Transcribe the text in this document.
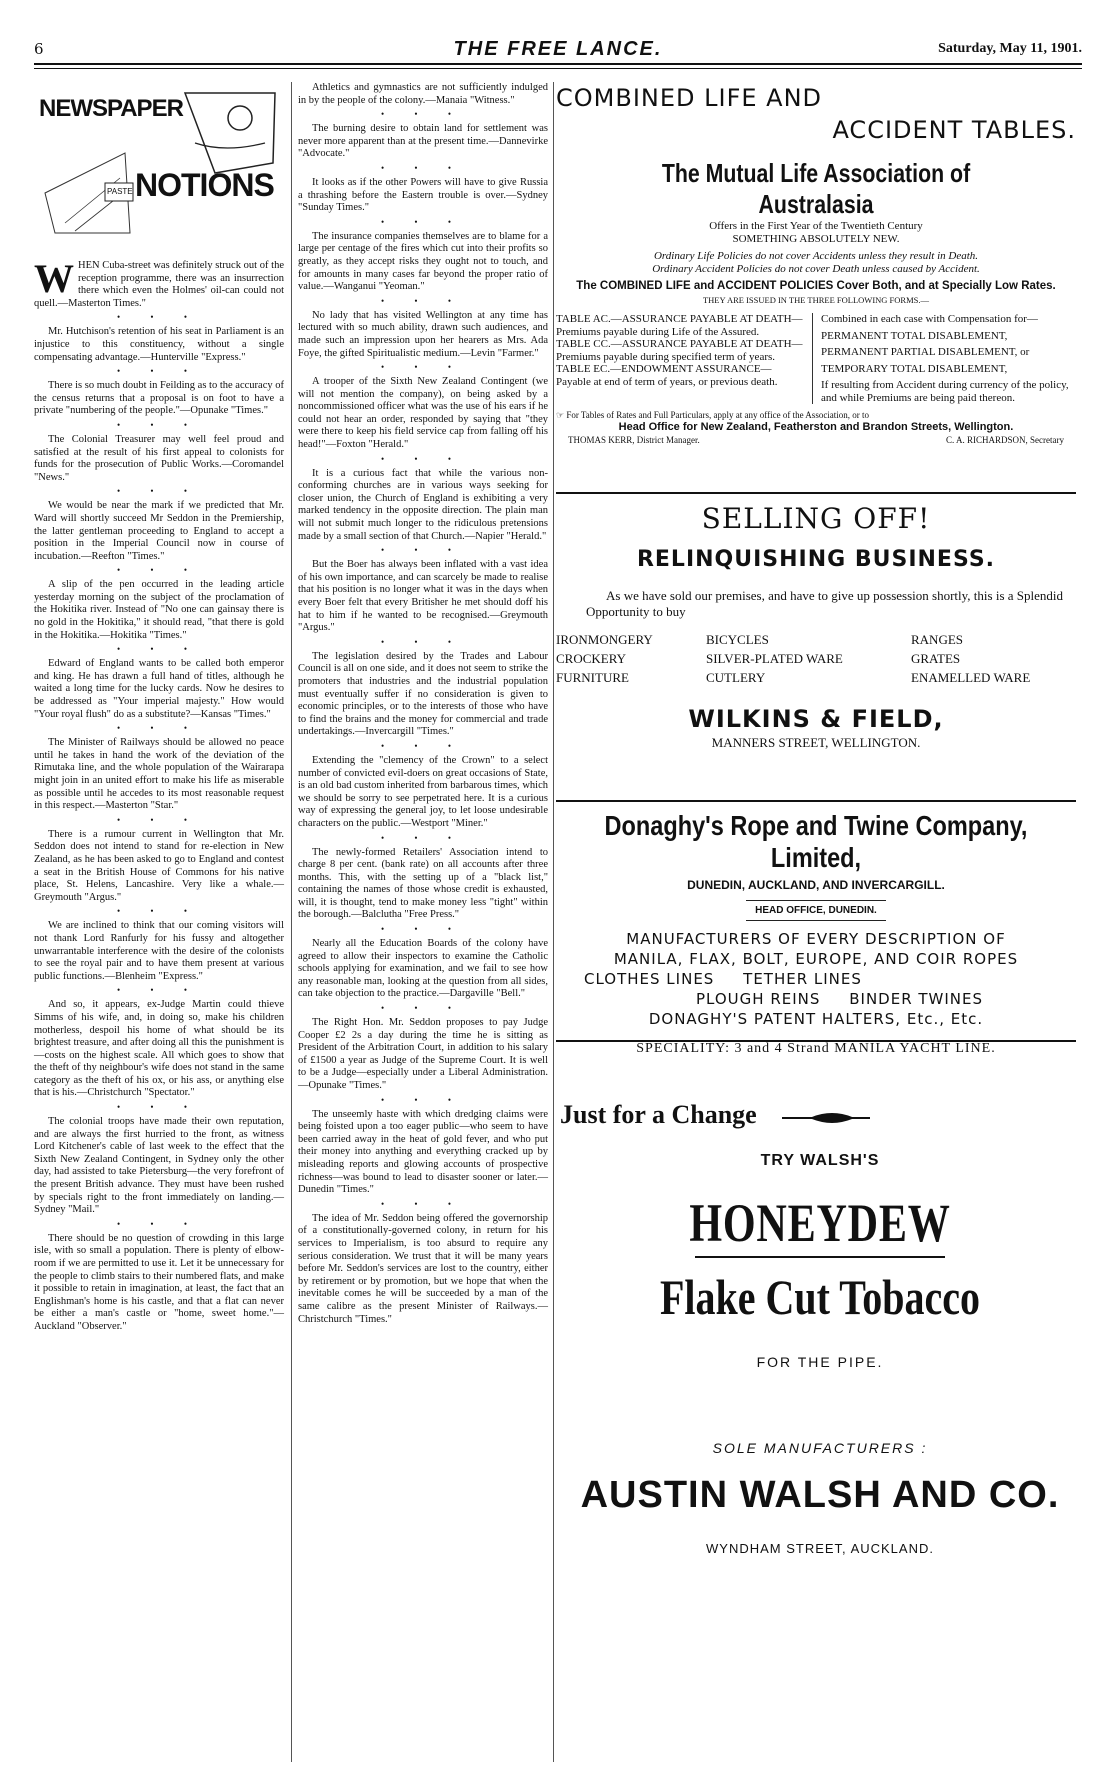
6	THE FREE LANCE.	Saturday, May 11, 1901.
NEWSPAPER
NOTIONS
PASTE

WHEN Cuba-street was definitely struck out of the reception programme, there was an insurrection there which even the Holmes' oil-can could not quell.—Masterton Times."

• • •

Mr. Hutchison's retention of his seat in Parliament is an injustice to this constituency, without a single compensating advantage.—Hunterville "Express."

• • •

There is so much doubt in Feilding as to the accuracy of the census returns that a proposal is on foot to have a private "numbering of the people."—Opunake "Times."

• • •

The Colonial Treasurer may well feel proud and satisfied at the result of his first appeal to colonists for funds for the prosecution of Public Works.—Coromandel "News."

• • •

We would be near the mark if we predicted that Mr. Ward will shortly succeed Mr Seddon in the Premiership, the latter gentleman proceeding to England to accept a position in the Imperial Council now in course of incubation.—Reefton "Times."

• • •

A slip of the pen occurred in the leading article yesterday morning on the subject of the proclamation of the Hokitika river. Instead of "No one can gainsay there is no gold in the Hokitika," it should read, "that there is gold in the Hokitika.—Hokitika "Times."

• • •

Edward of England wants to be called both emperor and king. He has drawn a full hand of titles, although he waited a long time for the lucky cards. Now he desires to be addressed as "Your imperial majesty." How would "Your royal flush" do as a substitute?—Kansas "Times."

• • •

The Minister of Railways should be allowed no peace until he takes in hand the work of the deviation of the Rimutaka line, and the whole population of the Wairarapa might join in an united effort to make his life as miserable as possible until he accedes to its most reasonable request in this respect.—Masterton "Star."

• • •

There is a rumour current in Wellington that Mr. Seddon does not intend to stand for re-election in New Zealand, as he has been asked to go to England and contest a seat in the British House of Commons for his native place, St. Helens, Lancashire. Very like a whale.—Greymouth "Argus."

• • •

We are inclined to think that our coming visitors will not thank Lord Ranfurly for his fussy and altogether unwarrantable interference with the desire of the colonists to see the royal pair and to have them present at various public functions.—Blenheim "Express."

• • •

And so, it appears, ex-Judge Martin could thieve Simms of his wife, and, in doing so, make his children motherless, despoil his home of what should be its brightest treasure, and after doing all this the punishment is—costs on the highest scale. All which goes to show that the theft of thy neighbour's wife does not stand in the same category as the theft of his ox, or his ass, or anything else that is his.—Christchurch "Spectator."

• • •

The colonial troops have made their own reputation, and are always the first hurried to the front, as witness Lord Kitchener's cable of last week to the effect that the Sixth New Zealand Contingent, in Sydney only the other day, had assisted to take Pietersburg—the very forefront of the present British advance. They must have been rushed by specials right to the front immediately on landing.—Sydney "Mail."

• • •

There should be no question of crowding in this large isle, with so small a population. There is plenty of elbow-room if we are permitted to use it. Let it be unnecessary for the people to climb stairs to their numbered flats, and make it possible to retain in imagination, at least, the fact that an Englishman's home is his castle, and that a flat can never be either a man's castle or "home, sweet home."—Auckland "Observer."

Athletics and gymnastics are not sufficiently indulged in by the people of the colony.—Manaia "Witness."

• • •

The burning desire to obtain land for settlement was never more apparent than at the present time.—Dannevirke "Advocate."

• • •

It looks as if the other Powers will have to give Russia a thrashing before the Eastern trouble is over.—Sydney "Sunday Times."

• • •

The insurance companies themselves are to blame for a large per centage of the fires which cut into their profits so greatly, as they accept risks they ought not to touch, and for amounts in many cases far beyond the proper ratio of value.—Wanganui "Yeoman."

• • •

No lady that has visited Wellington at any time has lectured with so much ability, drawn such audiences, and made such an impression upon her hearers as Mrs. Ada Foye, the gifted Spiritualistic medium.—Levin "Farmer."

• • •

A trooper of the Sixth New Zealand Contingent (we will not mention the company), on being asked by a noncommissioned officer what was the use of his ears if he could not hear an order, responded by saying that "they were there to keep his field service cap from falling off his head!"—Foxton "Herald."

• • •

It is a curious fact that while the various non-conforming churches are in various ways seeking for closer union, the Church of England is exhibiting a very marked tendency in the opposite direction. The plain man will not submit much longer to the ridiculous pretensions made by a small section of that Church.—Napier "Herald."

• • •

But the Boer has always been inflated with a vast idea of his own importance, and can scarcely be made to realise that his position is no longer what it was in the days when every Boer felt that every Britisher he met should doff his hat to him if he wanted to be recognised.—Greymouth "Argus."

• • •

The legislation desired by the Trades and Labour Council is all on one side, and it does not seem to strike the promoters that industries and the industrial population must eventually suffer if no consideration is given to economic principles, or to the interests of those who have to find the brains and the money for commercial and trade undertakings.—Invercargill "Times."

• • •

Extending the "clemency of the Crown" to a select number of convicted evil-doers on great occasions of State, is an old bad custom inherited from barbarous times, which we should be sorry to see perpetrated here. It is a curious way of expressing the general joy, to let loose undesirable characters on the public.—Westport "Miner."

• • •

The newly-formed Retailers' Association intend to charge 8 per cent. (bank rate) on all accounts after three months. This, with the setting up of a "black list," containing the names of those whose credit is exhausted, will, it is thought, tend to make money less "tight" within the borough.—Balclutha "Free Press."

• • •

Nearly all the Education Boards of the colony have agreed to allow their inspectors to examine the Catholic schools applying for examination, and we fail to see how any reasonable man, looking at the question from all sides, can take objection to the practice.—Dargaville "Bell."

• • •

The Right Hon. Mr. Seddon proposes to pay Judge Cooper £2 2s a day during the time he is sitting as President of the Arbitration Court, in addition to his salary of £1500 a year as Judge of the Supreme Court. It is well to be a Judge—especially under a Liberal Administration.—Opunake "Times."

• • •

The unseemly haste with which dredging claims were being foisted upon a too eager public—who seem to have been carried away in the heat of gold fever, and who put their money into anything and everything cracked up by misleading reports and glowing accounts of prospective richness—was bound to lead to disaster sooner or later.—Dunedin "Times."

• • •

The idea of Mr. Seddon being offered the governorship of a constitutionally-governed colony, in return for his services to Imperialism, is too absurd to require any serious consideration. We trust that it will be many years before Mr. Seddon's services are lost to the country, either by retirement or by promotion, but we hope that when the inevitable comes he will be succeeded by a man of the same calibre as the present Minister of Railways.—Christchurch "Times."

COMBINED LIFE AND
ACCIDENT TABLES.
The Mutual Life Association of Australasia
Offers in the First Year of the Twentieth Century
SOMETHING ABSOLUTELY NEW.
Ordinary Life Policies do not cover Accidents unless they result in Death.
Ordinary Accident Policies do not cover Death unless caused by Accident.
The COMBINED LIFE and ACCIDENT POLICIES Cover Both, and at Specially Low Rates.
THEY ARE ISSUED IN THE THREE FOLLOWING FORMS.—
TABLE AC.—ASSURANCE PAYABLE AT DEATH—
Premiums payable during Life of the Assured.
TABLE CC.—ASSURANCE PAYABLE AT DEATH—
Premiums payable during specified term of years.
TABLE EC.—ENDOWMENT ASSURANCE—
Payable at end of term of years, or previous death.
Combined in each case with Compensation for—
PERMANENT TOTAL DISABLEMENT,
PERMANENT PARTIAL DISABLEMENT, or
TEMPORARY TOTAL DISABLEMENT,
If resulting from Accident during currency of the policy, and while Premiums are being paid thereon.
☞ For Tables of Rates and Full Particulars, apply at any office of the Association, or to
Head Office for New Zealand, Featherston and Brandon Streets, Wellington.
THOMAS KERR, District Manager.	C. A. RICHARDSON, Secretary
SELLING OFF!
RELINQUISHING BUSINESS.
As we have sold our premises, and have to give up possession shortly, this is a Splendid Opportunity to buy
IRONMONGERY	BICYCLES	RANGES
CROCKERY	SILVER-PLATED WARE	GRATES
FURNITURE	CUTLERY	ENAMELLED WARE
WILKINS & FIELD,
MANNERS STREET, WELLINGTON.
Donaghy's Rope and Twine Company, Limited,
DUNEDIN, AUCKLAND, AND INVERCARGILL.
HEAD OFFICE, DUNEDIN.
MANUFACTURERS OF EVERY DESCRIPTION OF
MANILA, FLAX, BOLT, EUROPE, AND COIR ROPES
CLOTHES LINES     TETHER LINES
PLOUGH REINS     BINDER TWINES
DONAGHY'S PATENT HALTERS, Etc., Etc.
SPECIALITY: 3 and 4 Strand MANILA YACHT LINE.
Just for a Change
TRY WALSH'S
HONEYDEW
Flake Cut Tobacco
FOR THE PIPE.
SOLE MANUFACTURERS :
AUSTIN WALSH AND CO.
WYNDHAM STREET, AUCKLAND.
